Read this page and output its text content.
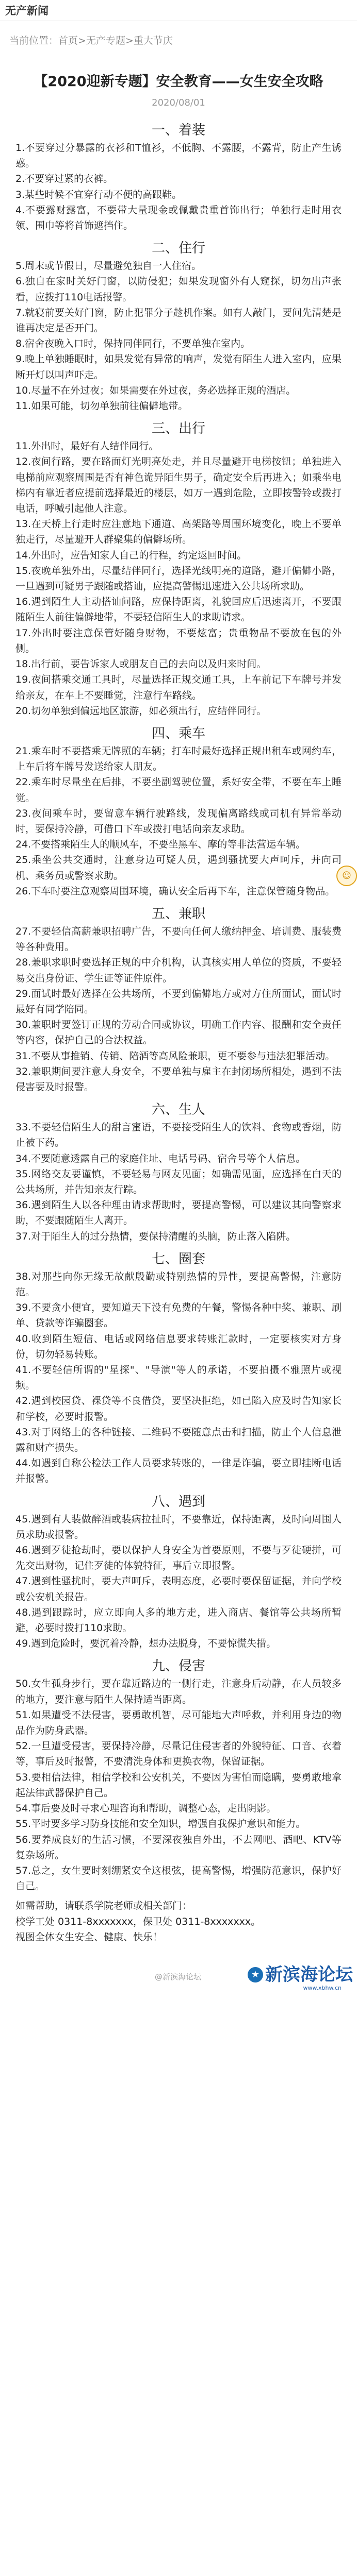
无产新闻
当前位置：首页>无产专题>重大节庆
【2020迎新专题】安全教育——女生安全攻略
2020/08/01
☺
一、着装

1.不要穿过分暴露的衣衫和T恤衫，不低胸、不露腰，不露背，防止产生诱惑。

2.不要穿过紧的衣裤。

3.某些时候不宜穿行动不便的高跟鞋。

4.不要露财露富，不要带大量现金或佩戴贵重首饰出行；单独行走时用衣领、围巾等将首饰遮挡住。

二、住行

5.周末或节假日，尽量避免独自一人住宿。

6.独自在家时关好门窗，以防侵犯；如果发现窗外有人窥探，切勿出声张看，应拨打110电话报警。

7.就寝前要关好门窗，防止犯罪分子趁机作案。如有人敲门，要问先清楚是谁再决定是否开门。

8.宿舍夜晚入口时，保持同伴同行，不要单独在室内。

9.晚上单独睡眠时，如果发觉有异常的响声，发觉有陌生人进入室内，应果断开灯以叫声吓走。

10.尽量不在外过夜；如果需要在外过夜，务必选择正规的酒店。

11.如果可能，切勿单独前往偏僻地带。

三、出行

11.外出时，最好有人结伴同行。

12.夜间行路，要在路面灯光明亮处走，并且尽量避开电梯按钮；单独进入电梯前应观察周围是否有神色诡异陌生男子，确定安全后再进入；如乘坐电梯内有靠近者应提前选择最近的楼层，如万一遇到危险，立即按警铃或拨打电话，呼喊引起他人注意。

13.在天桥上行走时应注意地下通道、高架路等周围环境变化，晚上不要单独走行，尽量避开人群聚集的偏僻场所。

14.外出时，应告知家人自己的行程，约定返回时间。

15.夜晚单独外出，尽量结伴同行，选择光线明亮的道路，避开偏僻小路，一旦遇到可疑男子跟随或搭讪，应提高警惕迅速进入公共场所求助。

16.遇到陌生人主动搭讪问路，应保持距离，礼貌回应后迅速离开，不要跟随陌生人前往偏僻地带，不要轻信陌生人的求助请求。

17.外出时要注意保管好随身财物，不要炫富；贵重物品不要放在包的外侧。

18.出行前，要告诉家人或朋友自己的去向以及归来时间。

19.夜间搭乘交通工具时，尽量选择正规交通工具，上车前记下车牌号并发给亲友，在车上不要睡觉，注意行车路线。

20.切勿单独到偏远地区旅游，如必须出行，应结伴同行。

四、乘车

21.乘车时不要搭乘无牌照的车辆；打车时最好选择正规出租车或网约车，上车后将车牌号发送给家人朋友。

22.乘车时尽量坐在后排，不要坐副驾驶位置，系好安全带，不要在车上睡觉。

23.夜间乘车时，要留意车辆行驶路线，发现偏离路线或司机有异常举动时，要保持冷静，可借口下车或拨打电话向亲友求助。

24.不要搭乘陌生人的顺风车，不要坐黑车、摩的等非法营运车辆。

25.乘坐公共交通时，注意身边可疑人员，遇到骚扰要大声呵斥，并向司机、乘务员或警察求助。

26.下车时要注意观察周围环境，确认安全后再下车，注意保管随身物品。

五、兼职

27.不要轻信高薪兼职招聘广告，不要向任何人缴纳押金、培训费、服装费等各种费用。

28.兼职求职时要选择正规的中介机构，认真核实用人单位的资质，不要轻易交出身份证、学生证等证件原件。

29.面试时最好选择在公共场所，不要到偏僻地方或对方住所面试，面试时最好有同学陪同。

30.兼职时要签订正规的劳动合同或协议，明确工作内容、报酬和安全责任等内容，保护自己的合法权益。

31.不要从事推销、传销、陪酒等高风险兼职，更不要参与违法犯罪活动。

32.兼职期间要注意人身安全，不要单独与雇主在封闭场所相处，遇到不法侵害要及时报警。

六、生人

33.不要轻信陌生人的甜言蜜语，不要接受陌生人的饮料、食物或香烟，防止被下药。

34.不要随意透露自己的家庭住址、电话号码、宿舍号等个人信息。

35.网络交友要谨慎，不要轻易与网友见面；如确需见面，应选择在白天的公共场所，并告知亲友行踪。

36.遇到陌生人以各种理由请求帮助时，要提高警惕，可以建议其向警察求助，不要跟随陌生人离开。

37.对于陌生人的过分热情，要保持清醒的头脑，防止落入陷阱。

七、圈套

38.对那些向你无缘无故献殷勤或特别热情的异性，要提高警惕，注意防范。

39.不要贪小便宜，要知道天下没有免费的午餐，警惕各种中奖、兼职、刷单、贷款等诈骗圈套。

40.收到陌生短信、电话或网络信息要求转账汇款时，一定要核实对方身份，切勿轻易转账。

41.不要轻信所谓的"星探"、"导演"等人的承诺，不要拍摄不雅照片或视频。

42.遇到校园贷、裸贷等不良借贷，要坚决拒绝，如已陷入应及时告知家长和学校，必要时报警。

43.对于网络上的各种链接、二维码不要随意点击和扫描，防止个人信息泄露和财产损失。

44.如遇到自称公检法工作人员要求转账的，一律是诈骗，要立即挂断电话并报警。

八、遇到

45.遇到有人装做醉酒或装病拉扯时，不要靠近，保持距离，及时向周围人员求助或报警。

46.遇到歹徒抢劫时，要以保护人身安全为首要原则，不要与歹徒硬拼，可先交出财物，记住歹徒的体貌特征，事后立即报警。

47.遇到性骚扰时，要大声呵斥，表明态度，必要时要保留证据，并向学校或公安机关报告。

48.遇到跟踪时，应立即向人多的地方走，进入商店、餐馆等公共场所暂避，必要时拨打110求助。

49.遇到危险时，要沉着冷静，想办法脱身，不要惊慌失措。

九、侵害

50.女生孤身步行，要在靠近路边的一侧行走，注意身后动静，在人员较多的地方，要注意与陌生人保持适当距离。

51.如果遭受不法侵害，要勇敢机智，尽可能地大声呼救，并利用身边的物品作为防身武器。

52.一旦遭受侵害，要保持冷静，尽量记住侵害者的外貌特征、口音、衣着等，事后及时报警，不要清洗身体和更换衣物，保留证据。

53.要相信法律，相信学校和公安机关，不要因为害怕而隐瞒，要勇敢地拿起法律武器保护自己。

54.事后要及时寻求心理咨询和帮助，调整心态，走出阴影。

55.平时要多学习防身技能和安全知识，增强自我保护意识和能力。

56.要养成良好的生活习惯，不要深夜独自外出，不去网吧、酒吧、KTV等复杂场所。

57.总之，女生要时刻绷紧安全这根弦，提高警惕，增强防范意识，保护好自己。

如需帮助，请联系学院老师或相关部门：
校学工处 0311-8xxxxxxx，保卫处 0311-8xxxxxxx。
视图全体女生安全、健康、快乐！
@新滨海论坛	★ 新滨海论坛
www.xbhw.cn
